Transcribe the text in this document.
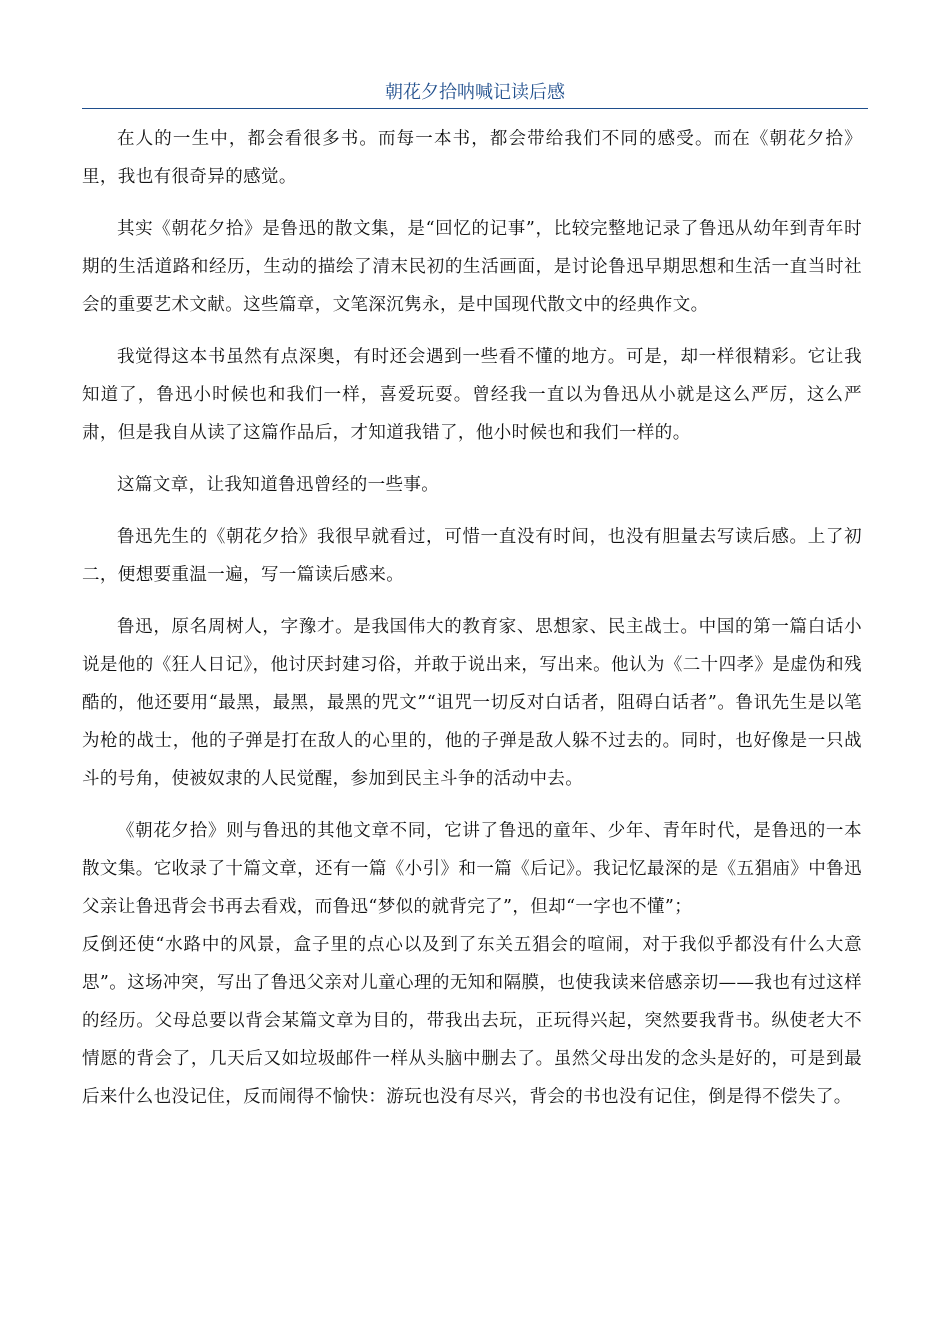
朝花夕拾呐喊记读后感

在人的一生中，都会看很多书。而每一本书，都会带给我们不同的感受。而在《朝花夕拾》里，我也有很奇异的感觉。

其实《朝花夕拾》是鲁迅的散文集，是“回忆的记事”，比较完整地记录了鲁迅从幼年到青年时期的生活道路和经历，生动的描绘了清末民初的生活画面，是讨论鲁迅早期思想和生活一直当时社会的重要艺术文献。这些篇章，文笔深沉隽永，是中国现代散文中的经典作文。

我觉得这本书虽然有点深奥，有时还会遇到一些看不懂的地方。可是，却一样很精彩。它让我知道了，鲁迅小时候也和我们一样，喜爱玩耍。曾经我一直以为鲁迅从小就是这么严厉，这么严肃，但是我自从读了这篇作品后，才知道我错了，他小时候也和我们一样的。

这篇文章，让我知道鲁迅曾经的一些事。

鲁迅先生的《朝花夕拾》我很早就看过，可惜一直没有时间，也没有胆量去写读后感。上了初二，便想要重温一遍，写一篇读后感来。

鲁迅，原名周树人，字豫才。是我国伟大的教育家、思想家、民主战士。中国的第一篇白话小说是他的《狂人日记》，他讨厌封建习俗，并敢于说出来，写出来。他认为《二十四孝》是虚伪和残酷的，他还要用“最黑，最黑，最黑的咒文”“诅咒一切反对白话者，阻碍白话者”。鲁讯先生是以笔为枪的战士，他的子弹是打在敌人的心里的，他的子弹是敌人躲不过去的。同时，也好像是一只战斗的号角，使被奴隶的人民觉醒，参加到民主斗争的活动中去。

《朝花夕拾》则与鲁迅的其他文章不同，它讲了鲁迅的童年、少年、青年时代，是鲁迅的一本散文集。它收录了十篇文章，还有一篇《小引》和一篇《后记》。我记忆最深的是《五猖庙》中鲁迅父亲让鲁迅背会书再去看戏，而鲁迅“梦似的就背完了”，但却“一字也不懂”；

反倒还使“水路中的风景，盒子里的点心以及到了东关五猖会的喧闹，对于我似乎都没有什么大意思”。这场冲突，写出了鲁迅父亲对儿童心理的无知和隔膜，也使我读来倍感亲切——我也有过这样的经历。父母总要以背会某篇文章为目的，带我出去玩，正玩得兴起，突然要我背书。纵使老大不情愿的背会了，几天后又如垃圾邮件一样从头脑中删去了。虽然父母出发的念头是好的，可是到最后来什么也没记住，反而闹得不愉快：游玩也没有尽兴，背会的书也没有记住，倒是得不偿失了。
